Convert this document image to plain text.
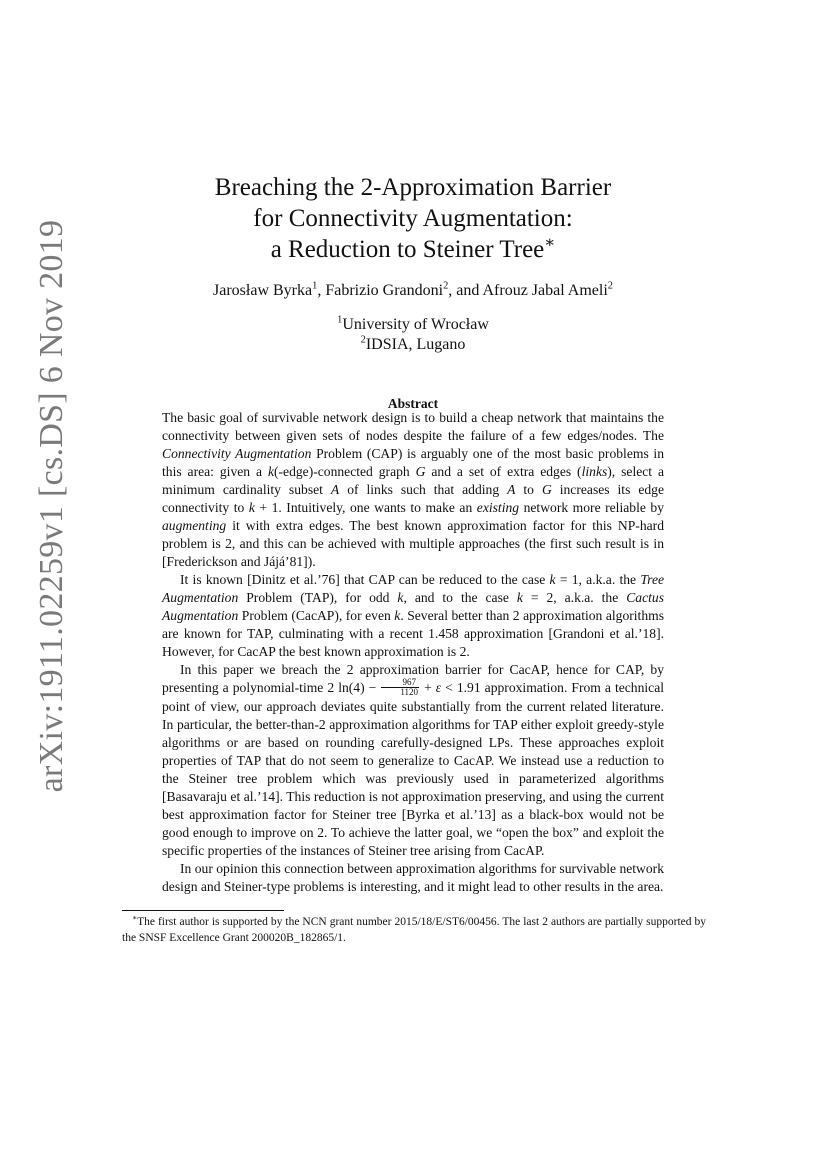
arXiv:1911.02259v1 [cs.DS] 6 Nov 2019
Breaching the 2-Approximation Barrier
for Connectivity Augmentation:
a Reduction to Steiner Tree∗
Jarosław Byrka$^1$, Fabrizio Grandoni$^2$, and Afrouz Jabal Ameli$^2$
$^1$University of Wrocław
$^2$IDSIA, Lugano
Abstract

The basic goal of survivable network design is to build a cheap network that maintains the connectivity between given sets of nodes despite the failure of a few edges/nodes. The Connectivity Augmentation Problem (CAP) is arguably one of the most basic problems in this area: given a k(-edge)-connected graph G and a set of extra edges (links), select a minimum cardinality subset A of links such that adding A to G increases its edge connectivity to k + 1. Intuitively, one wants to make an existing network more reliable by augmenting it with extra edges. The best known approximation factor for this NP-hard problem is 2, and this can be achieved with multiple approaches (the first such result is in [Frederickson and Jájá’81]).

It is known [Dinitz et al.’76] that CAP can be reduced to the case k = 1, a.k.a. the Tree Augmentation Problem (TAP), for odd k, and to the case k = 2, a.k.a. the Cactus Augmentation Problem (CacAP), for even k. Several better than 2 approximation algorithms are known for TAP, culminating with a recent 1.458 approximation [Grandoni et al.’18]. However, for CacAP the best known approximation is 2.

In this paper we breach the 2 approximation barrier for CacAP, hence for CAP, by presenting a polynomial-time 2 $\ln(4) - \frac{967}{1120} + \varepsilon < 1.91$ approximation. From a technical point of view, our approach deviates quite substantially from the current related literature. In particular, the better-than-2 approximation algorithms for TAP either exploit greedy-style algorithms or are based on rounding carefully-designed LPs. These approaches exploit properties of TAP that do not seem to generalize to CacAP. We instead use a reduction to the Steiner tree problem which was previously used in parameterized algorithms [Basavaraju et al.’14]. This reduction is not approximation preserving, and using the current best approximation factor for Steiner tree [Byrka et al.’13] as a black-box would not be good enough to improve on 2. To achieve the latter goal, we “open the box” and exploit the specific properties of the instances of Steiner tree arising from CacAP.

In our opinion this connection between approximation algorithms for survivable network design and Steiner-type problems is interesting, and it might lead to other results in the area.

∗The first author is supported by the NCN grant number 2015/18/E/ST6/00456. The last 2 authors are partially supported by the SNSF Excellence Grant 200020B_182865/1.
